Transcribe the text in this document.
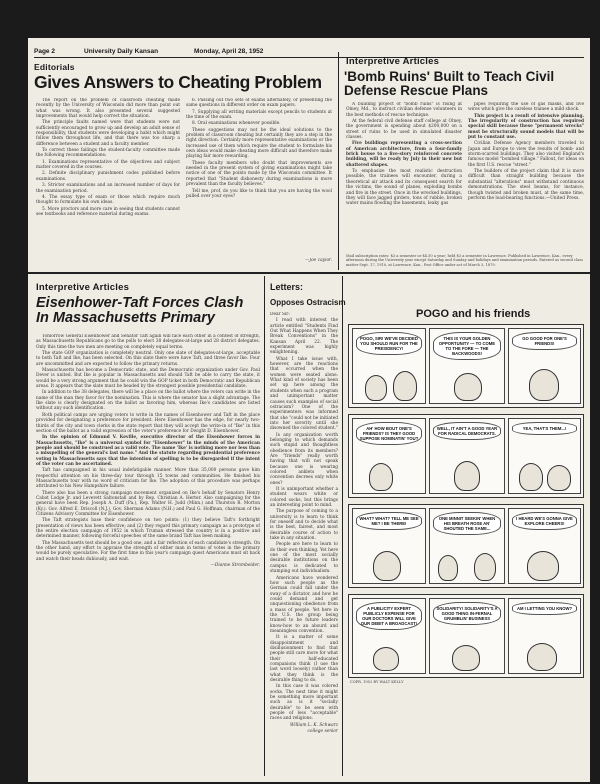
Page 2	University Daily Kansan	Monday, April 28, 1952
Editorials	Interpretive Articles
Gives Answers to Cheating Problem

The report on the problem of classroom cheating made recently by the University of Wisconsin did more than point out what was wrong. It also presented several suggested improvements that would help correct the situation.

The principle faults named were that students were not sufficiently encouraged to grow up and develop an adult sense of responsibility, that students were developing a habit which might follow them throughout life, and that there was too sharp a difference between a student and a faculty member.

To correct these failings the student-faculty committee made the following recommendations:

1. Examinations representative of the objectives and subject matter covered in the courses.

2. Definite disciplinary punishment codes published before examinations.

3. Stricter examinations and an increased number of days for the examination period.

4. The essay type of exam or those which require much thought to formulate his own ideas.

5. More proctors and more care in seeing that students cannot see textbooks and reference material during exams.

6. Passing out two sets of exams alternately, or presenting the same questions in different order on exam papers.

7. Supplying all writing materials except pencils to students at the time of the exam.

8. Oral examinations whenever possible.

These suggestions may not be the ideal solutions to the problem of classroom cheating but certainly they are a step in the right direction. Certainly more representative examinations or the increased use of them which require the student to formulate his own ideas would make cheating more difficult and therefore make playing fair more rewarding.

These faculty members who doubt that improvements are needed in the present system of giving examinations might take notice of one of the points made by the Wisconsin committee. It reported that "Student dishonesty during examinations is more prevalent than the faculty believes."

Tell me, prof, do you like to think that you are having the wool pulled over your eyes?

—Joe Taylor.
'Bomb Ruins' Built to Teach Civil Defense Rescue Plans

A building project of "bomb ruins" is rising at Olney, Md., to instruct civilian defense volunteers in the best methods of rescue technique.

At the federal civil defense staff college at Olney, the government is spending about $200,000 on a street of ruins to be used in simulated disaster classes.

Five buildings representing a cross-section of American architecture, from a four-family brick house to a five-story reinforced concrete building, will be ready by July in their new but shattered shapes.

To emphasize the most realistic destruction possible, the trainees will encounter, during a theoretical air attack and its consequent search for the victims, the sound of planes, exploding bombs and fire in the street. Once in the wrecked buildings, they will face jagged girders, tons of rubble, broken water mains flooding the basements, leaky gas

pipes requiring the use of gas masks, and live wires which give the careless trainee a mild shock.

This project is a result of intensive planning. The irregularity of construction has required special skill because these "permanent wrecks" must be structurally sound models that will be put to constant use.

Civilian Defense Agency members traveled to Japan and Europe to view the results of bomb- and storm-scarred buildings. They also visited England's famous model "bombed village." Fallout, for ideas on the first U.S. rescue "street."

The builders of the project claim that it is more difficult than straight building because the substantial "alterations" must withstand continuous demonstrations. The steel beams, for instance, though twisted and broken must, at the same time, perform the load-bearing functions.—United Press.

Mail subscription rates: $3 a semester or $4.50 a year; held $3 a semester in Lawrence. Published in Lawrence, Kan., every afternoon during the University year except Saturday and Sunday and holidays and examination periods. Entered as second class matter Sept. 17, 1910, at Lawrence, Kan., Post Office under act of March 3, 1879.
Interpretive Articles	Letters:
Eisenhower-Taft Forces Clash In Massachusetts Primary

Tomorrow General Eisenhower and Senator Taft again will face each other in a contest of strength, as Massachusetts Republicans go to the polls to elect 38 delegates-at-large and 28 district delegates. Only this time the two men are meeting on completely equal terms.

The state GOP organization is completely neutral. Only one slate of delegates-at-large, acceptable to both Taft and Ike, has been selected. On this slate there were have Taft, and three favor Ike. Four are uncommitted and are expected to follow the primary returns.

Massachusetts has become a Democratic state, and the Democratic organization under Gov. Paul Dever is united. But Ike is popular in Massachusetts and should Taft be able to carry the state, it would be a very strong argument that he could win the GOP ticket in both Democratic and Republican areas. It appears that the slate must be headed by the strongest possible presidential candidate.

In addition to the 38 delegates, there will be a place on the ballot where the voters can write in the name of the man they favor for the nomination. This is where the senator has a slight advantage. The Ike slate is clearly designated on the ballot as favoring him, whereas Ike's candidates are listed without any such identification.

Both political camps are urging voters to write in the names of Eisenhower and Taft in the place provided for designating a preference for president. Here Eisenhower has the edge, for nearly two-thirds of the city and town clerks in the state report that they will accept the write-in of "Ike" in this section of the ballot as a valid expression of the voter's preference for Dwight D. Eisenhower.

In the opinion of Edmund V. Keville, executive director of the Eisenhower forces in Massachusetts, "Ike" is a universal symbol for "Eisenhower" in the minds of the American people and should be construed as a valid vote. The name 'Ike' is nothing more nor less than a misspelling of the general's last name." And the statute regarding presidential preference voting in Massachusetts says that the intention of spelling is to be disregarded if the intent of the voter can be ascertained.

Taft has campaigned in his usual indefatigable manner. More than 35,000 persons gave him respectful attention on his three-day tour through 15 towns and communities. He finished his Massachusetts tour with no word of criticism for Ike. The adoption of this procedure was perhaps attributed to his New Hampshire failure.

There also has been a strong campaign movement organized on Ike's behalf by Senators Henry Cabot Lodge Jr. and Leverett Saltonstall and by Rep. Christian A. Herter. Also campaigning for the general have been Rep. Joseph A. Duff (Pa.), Rep. Walter H. Judd (Minn.) and Thurston B. Morton (Ky.). Gov. Alfred E. Driscoll (N.J.), Gov. Sherman Adams (N.H.) and Paul G. Hoffman, chairman of the Citizens Advisory Committee for Eisenhower.

The Taft strategists base their confidence on two points: (1) they believe Taft's forthright presentation of views has been effective; and (2) they regard this primary campaign as a prototype of the entire election campaign of 1952 in which Truman stressed the country is in a positive and determined manner, following forceful speeches of the same brand Taft has been making.

The Massachusetts test should be a good one, and a fair reflection of each candidate's strength. On the other hand, any effort to appraise the strength of either man in terms of votes in the primary would be purely speculative. For the first time in this year's campaign quest Americans must sit back and watch their heads dubiously, and wait.

—Dianne Strombeider.

Opposes Ostracism

Dear Sir:

I read with interest the article entitled "Students Find Out What Happens When They Break Conventions" in the Kansan April 22. The experiment was highly enlightening.

What I take issue with, however, are the reactions that occurred when the women were seated alone. What kind of society has been set up here among the students when such a program and unimportant matter causes such examples of social ostracism? One of the experimenters was informed that she "could not be initiated into her sorority until she disowned the colored student."

Is any organization worth belonging to which demands such stupid and thoughtless obedience from its members? Are "friends" really worth having that will not speak because one is wearing colored anklets when convention decrees only white ones?

It is unimportant whether a student wears white or colored socks, but this brings an interesting point to mind.

The purpose of coming to a university is to learn to think for oneself and to decide what is the best, fairest, and most desirable course of action to take in any situation.

People are here to learn to do their own thinking. Yet here one of the most socially desirable institutions on the campus is dedicated to stamping out individualism.

Americans have wondered how such people as the German could fall under the sway of a dictator, and how he could demand and get unquestioning obedience from a mass of people. Yet here in the U.S. the group being trained to be future leaders know-how to an absurd and meaningless convention.

It is a matter of some disappointment and disillusionment to find that people still care more for what their half-educated companions think (I use the last word loosely) rather than what they think is the desirable thing to do.

In this case it was colored socks. The next time it might be something more important such as is it "socially desirable" to be seen with people of less "acceptable" races and religions.

William L. K. Schwarz

college senior

POGO and his friends
POGO, SIR! WE'VE DECIDED YOU SHOULD RUN FOR THE PRESIDENCY!
THIS IS YOUR GOLDEN OPPORTUNITY — TO COME TO THE FORE — THE BACKWOODS!
GO GOOD FOR ONE'S FRIENDS!
AH' HOW BOUT ONE'S FRIENDS? IS THEY GOOD SUPPOSE NOMINATIN' YOU?
WELL, IT AIN'T A GOOD YEAR FOR RADICAL DEMOCRATS.
YEA, THAT'S THEM...!
WHAT? WHAT? TELL ME SEE ME? I BE THERE!
ONE MINNIT SEEKIN' WHEN HIS BREATH ROSE AN' SHOUTED THE SAME...
I HEARD WE'S GONNA GIVE EXPLORE CHEERS!
A PUBLICITY EXPERT PUBLICLY EXPENSE FOR OUR DOCTORS WILL GIVE OUR DEBIT A BROADCAST!
SOLIDARITY! SOLIDARITY'S A GOOD THING IN-FERNAL GRUMBLIN' BUSINESS
AM I LETTING YOU KNOW?
COPR. 1952 BY WALT KELLY
